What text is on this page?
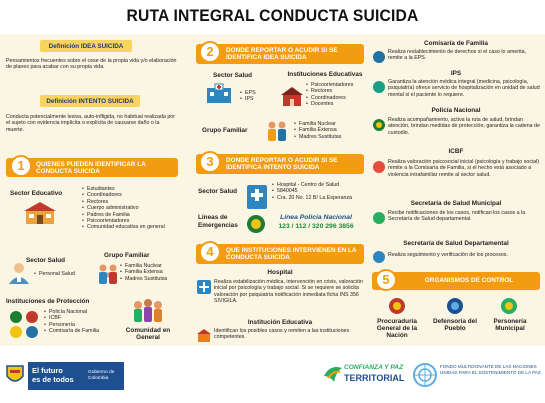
RUTA INTEGRAL CONDUCTA SUICIDA
Definición IDEA SUICIDA
Pensamientos frecuentes sobre el cese de la propia vida y/o elaboración de planes para acabar con su propia vida.
Definición INTENTO SUICIDA
Conducta potencialmente lesiva, auto-infligida, no habitual realizada por el sujeto con evidencia implícita o explícita de causarse daño o la muerte.
QUIENES PUEDEN IDENTIFICAR LA CONDUCTA SUICIDA
1
Sector Educativo
• Estudiantes
• Coordinadores
• Rectores
• Cuerpo administrativo
• Padres de Familia
• Psicoorientadores
• Comunidad educativa en general
Sector Salud
• Personal Salud
Grupo Familiar
• Familia Nuclear
• Familia Extensa
• Madres Sustitutas
Instituciones de Protección
• Policía Nacional
• ICBF
• Personería
• Comisaría de Familia	Comunidad en General
DONDE REPORTAR O ACUDIR SI SE IDENTIFICA IDEA SUICIDA
2
Sector Salud
• EPS
• IPS
Instituciones Educativas
• Psicoorientadores
• Rectores
• Coordinadores
• Docentes
Grupo Familiar
• Familia Nuclear
• Familia Extensa
• Madres Sustitutas
DONDE REPORTAR O ACUDIR SI SE IDENTIFICA INTENTO SUICIDA
3
Sector Salud
• Hospital - Centro de Salud
• 5840045
• Cra. 20 No. 12 B/ La Esperanza
Líneas de Emergencias
Línea Policía Nacional
123 / 112 / 320 296 3856
QUE INSTITUCIONES INTERVIENEN EN LA CONDUCTA SUICIDA
4
Hospital
Realiza estabilización médica, intervención en crisis, valoración inicial por psicología y trabajo social. Si se requiere se solicita valoración por psiquiatría notificación inmediata ficha INS 356 SIVIGILA.
Institución Educativa
Identifican los posibles casos y remiten a las instituciones competentes.
Comisaría de Familia
Realiza restablecimiento de derechos si el caso lo amerita, remite a la EPS.
IPS
Garantiza la atención médica integral (medicina, psicología, psiquiatría) ofrece servicio de hospitalización en unidad de salud mental si el paciente lo requiere.
Policía Nacional
Realiza acompañamiento, activa la ruta de salud, brindan atención, brindan medidas de protección, garantiza la cadena de custodio.
ICBF
Realiza valoración psicosocial inicial (psicología y trabajo social) remite a la Comisaría de Familia, si el hecho está asociado a violencia intrafamiliar remite al sector salud.
Secretaría de Salud Municipal
Recibe notificaciones de los casos, notifican los casos a la Secretaría de Salud departamental.
Secretaría de Salud Departamental
Realiza seguimiento y verificación de los procesos.
ORGANISMOS DE CONTROL
5
Procuraduría General de la Nación
Defensoría del Pueblo
Personería Municipal
El futuro
es de todos
Gobierno de Colombia
CONFIANZA Y PAZ
TERRITORIAL
FONDO MULTIDONANTE DE LAS NACIONES UNIDAS PARA EL SOSTENIMIENTO DE LA PAZ
